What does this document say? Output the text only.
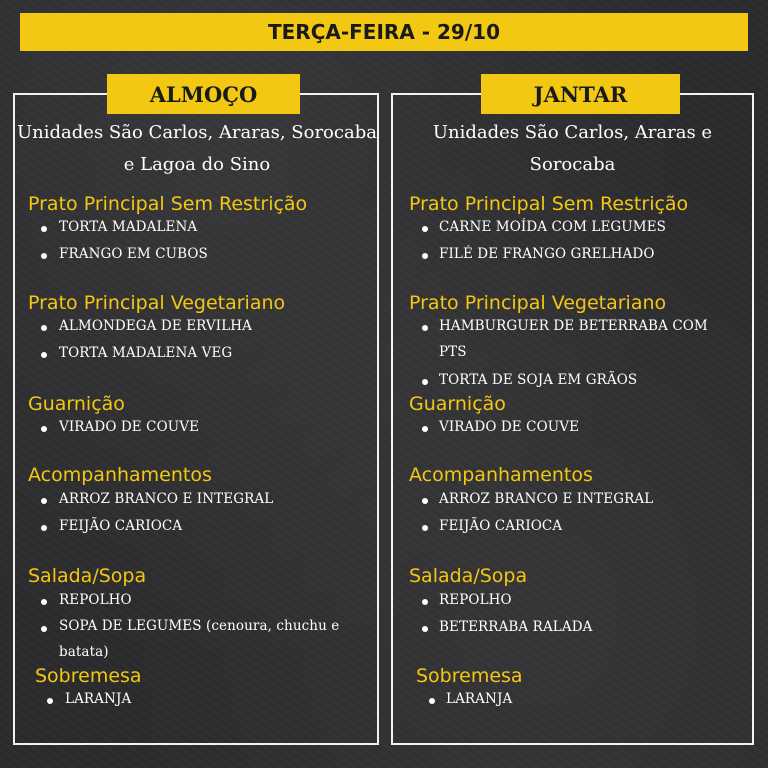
TERÇA-FEIRA - 29/10
ALMOÇO	JANTAR
Unidades São Carlos, Araras, Sorocaba e Lagoa do Sino
Prato Principal Sem Restrição
TORTA MADALENA
FRANGO EM CUBOS
Prato Principal Vegetariano
ALMONDEGA DE ERVILHA
TORTA MADALENA VEG
Guarnição
VIRADO DE COUVE
Acompanhamentos
ARROZ BRANCO E INTEGRAL
FEIJÃO CARIOCA
Salada/Sopa
REPOLHO
SOPA DE LEGUMES (cenoura, chuchu e batata)
Sobremesa
LARANJA
Unidades São Carlos, Araras e Sorocaba
Prato Principal Sem Restrição
CARNE MOÍDA COM LEGUMES
FILÉ DE FRANGO GRELHADO
Prato Principal Vegetariano
HAMBURGUER DE BETERRABA COM PTS
TORTA DE SOJA EM GRÃOS
Guarnição
VIRADO DE COUVE
Acompanhamentos
ARROZ BRANCO E INTEGRAL
FEIJÃO CARIOCA
Salada/Sopa
REPOLHO
BETERRABA RALADA
Sobremesa
LARANJA
